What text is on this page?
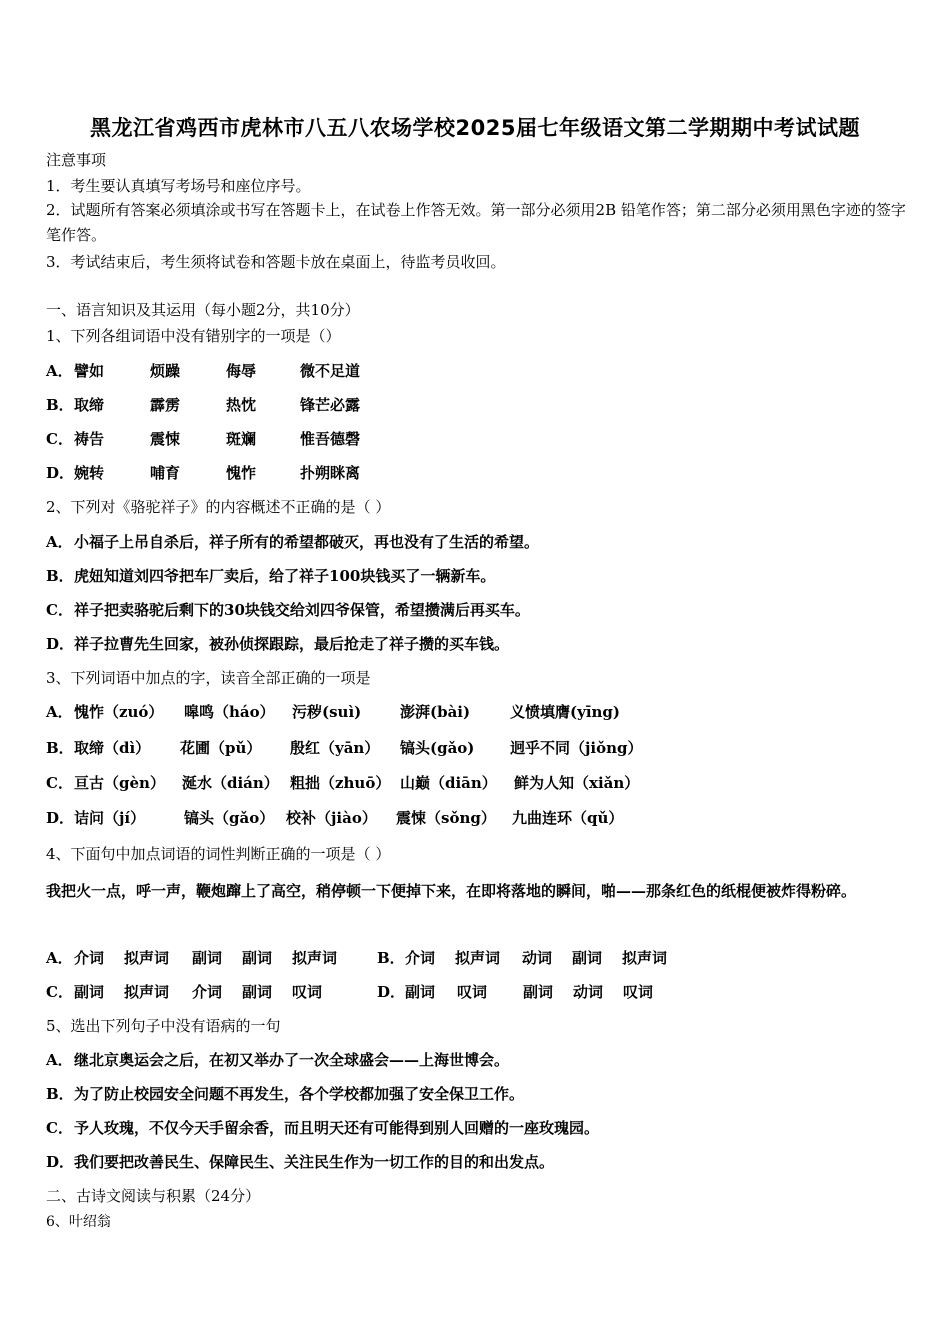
黑龙江省鸡西市虎林市八五八农场学校2025届七年级语文第二学期期中考试试题
注意事项
1．考生要认真填写考场号和座位序号。
2．试题所有答案必须填涂或书写在答题卡上，在试卷上作答无效。第一部分必须用2B 铅笔作答；第二部分必须用黑色字迹的签字笔作答。
3．考试结束后，考生须将试卷和答题卡放在桌面上，待监考员收回。
一、语言知识及其运用（每小题2分，共10分）
1、下列各组词语中没有错别字的一项是（）
A． 譬如	烦躁	侮辱	微不足道
B． 取缔	霹雳	热忱	锋芒必露
C． 祷告	震悚	斑斓	惟吾德磬
D． 婉转	哺育	愧怍	扑朔眯离
2、下列对《骆驼祥子》的内容概述不正确的是（ ）
A．小福子上吊自杀后，祥子所有的希望都破灭，再也没有了生活的希望。
B．虎妞知道刘四爷把车厂卖后，给了祥子100块钱买了一辆新车。
C．祥子把卖骆驼后剩下的30块钱交给刘四爷保管，希望攒满后再买车。
D．祥子拉曹先生回家，被孙侦探跟踪，最后抢走了祥子攒的买车钱。
3、下列词语中加点的字，读音全部正确的一项是
A． 愧怍（zuó） 嗥鸣（háo） 污秽(suì)	澎湃(bài)	义愤填膺(yīng)
B． 取缔（dì） 花圃（pǔ） 殷红（yān） 镐头(gǎo) 迥乎不同（jiǒng）
C． 亘古（gèn） 涎水（dián） 粗拙（zhuō） 山巅（diān） 鲜为人知（xiǎn）
D． 诘问（jí）	镐头（gǎo） 校补（jiào） 震悚（sǒng） 九曲连环（qǔ）
4、下面句中加点词语的词性判断正确的一项是（ ）
我把火一点，呼一声，鞭炮蹿上了高空，稍停顿一下便掉下来，在即将落地的瞬间，啪——那条红色的纸棍便被炸得粉碎。
A． 介词 拟声词 副词 副词 拟声词	B． 介词 拟声词 动词 副词 拟声词
C． 副词 拟声词 介词 副词 叹词	D． 副词 叹词 副词 动词 叹词
5、选出下列句子中没有语病的一句
A．继北京奥运会之后，在初又举办了一次全球盛会——上海世博会。
B．为了防止校园安全问题不再发生，各个学校都加强了安全保卫工作。
C．予人玫瑰，不仅今天手留余香，而且明天还有可能得到别人回赠的一座玫瑰园。
D．我们要把改善民生、保障民生、关注民生作为一切工作的目的和出发点。
二、古诗文阅读与积累（24分）
6、叶绍翁
